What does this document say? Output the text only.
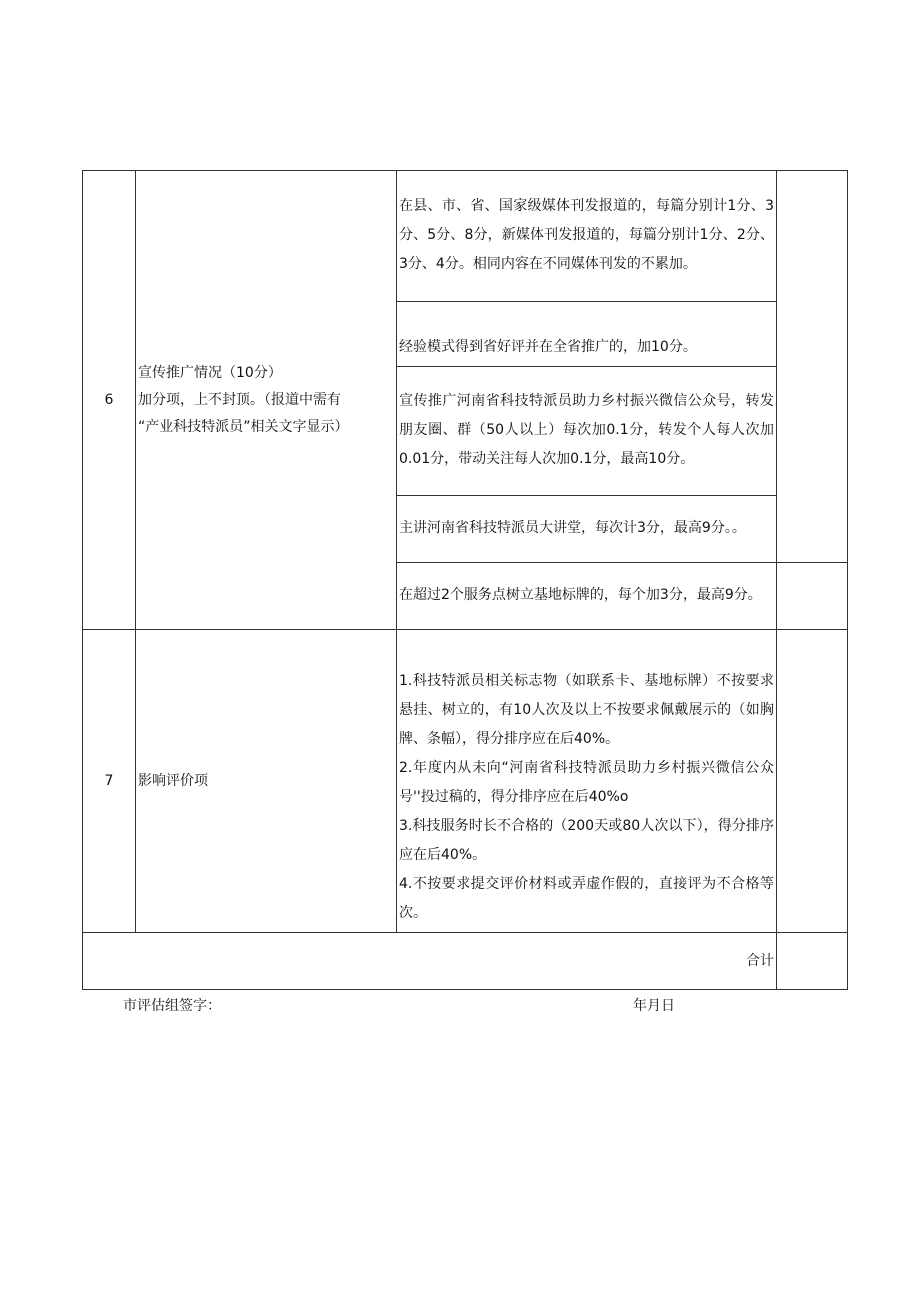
6	宣传推广情况（10分）
加分项，上不封顶。（报道中需有
“产业科技特派员”相关文字显示）	在县、市、省、国家级媒体刊发报道的，每篇分别计1分、3分、5分、8分，新媒体刊发报道的，每篇分别计1分、2分、3分、4分。相同内容在不同媒体刊发的不累加。	
		经验模式得到省好评并在全省推广的，加10分。	
		宣传推广河南省科技特派员助力乡村振兴微信公众号，转发朋友圈、群（50人以上）每次加0.1分，转发个人每人次加0.01分，带动关注每人次加0.1分，最高10分。	
		主讲河南省科技特派员大讲堂，每次计3分，最高9分。。	
		在超过2个服务点树立基地标牌的，每个加3分，最高9分。	
7	影响评价项	1.科技特派员相关标志物（如联系卡、基地标牌）不按要求悬挂、树立的，有10人次及以上不按要求佩戴展示的（如胸牌、条幅），得分排序应在后40%。
2.年度内从未向“河南省科技特派员助力乡村振兴微信公众号''投过稿的，得分排序应在后40%o
3.科技服务时长不合格的（200天或80人次以下），得分排序应在后40%。
4.不按要求提交评价材料或弄虚作假的，直接评为不合格等次。	

合计			
市评估组签字：	年月日
